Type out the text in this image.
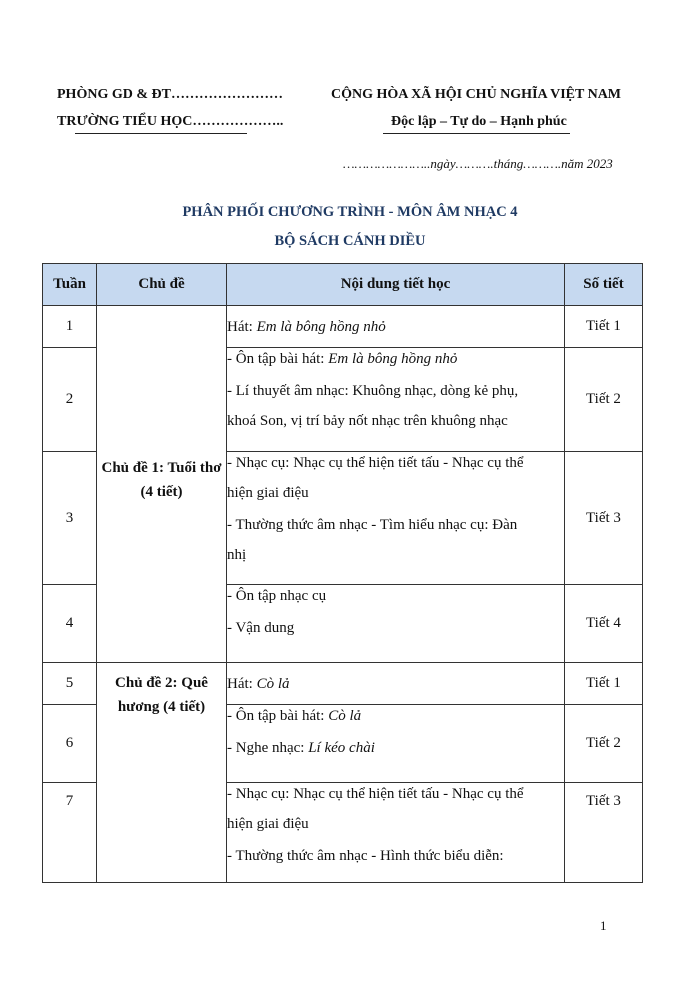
PHÒNG GD & ĐT……………………
TRƯỜNG TIỂU HỌC………………..
CỘNG HÒA XÃ HỘI CHỦ NGHĨA VIỆT NAM
Độc lập – Tự do – Hạnh phúc
…………………..ngày……….tháng……….năm 2023
PHÂN PHỐI CHƯƠNG TRÌNH - MÔN ÂM NHẠC 4
BỘ SÁCH CÁNH DIỀU
Tuần	Chủ đề	Nội dung tiết học	Số tiết
1	Chủ đề 1: Tuổi thơ (4 tiết)	Hát: Em là bông hồng nhỏ	Tiết 1
2		- Ôn tập bài hát: Em là bông hồng nhỏ
- Lí thuyết âm nhạc: Khuông nhạc, dòng kẻ phụ,
khoá Son, vị trí bảy nốt nhạc trên khuông nhạc	Tiết 2
3		- Nhạc cụ: Nhạc cụ thể hiện tiết tấu - Nhạc cụ thể
hiện giai điệu
- Thường thức âm nhạc - Tìm hiểu nhạc cụ: Đàn
nhị	Tiết 3
4		- Ôn tập nhạc cụ
- Vận dung	Tiết 4
5	Chủ đề 2: Quê hương (4 tiết)	Hát: Cò lả	Tiết 1
6		- Ôn tập bài hát: Cò lả
- Nghe nhạc: Lí kéo chài	Tiết 2
7		- Nhạc cụ: Nhạc cụ thể hiện tiết tấu - Nhạc cụ thể
hiện giai điệu
- Thường thức âm nhạc - Hình thức biểu diễn:	Tiết 3
1
